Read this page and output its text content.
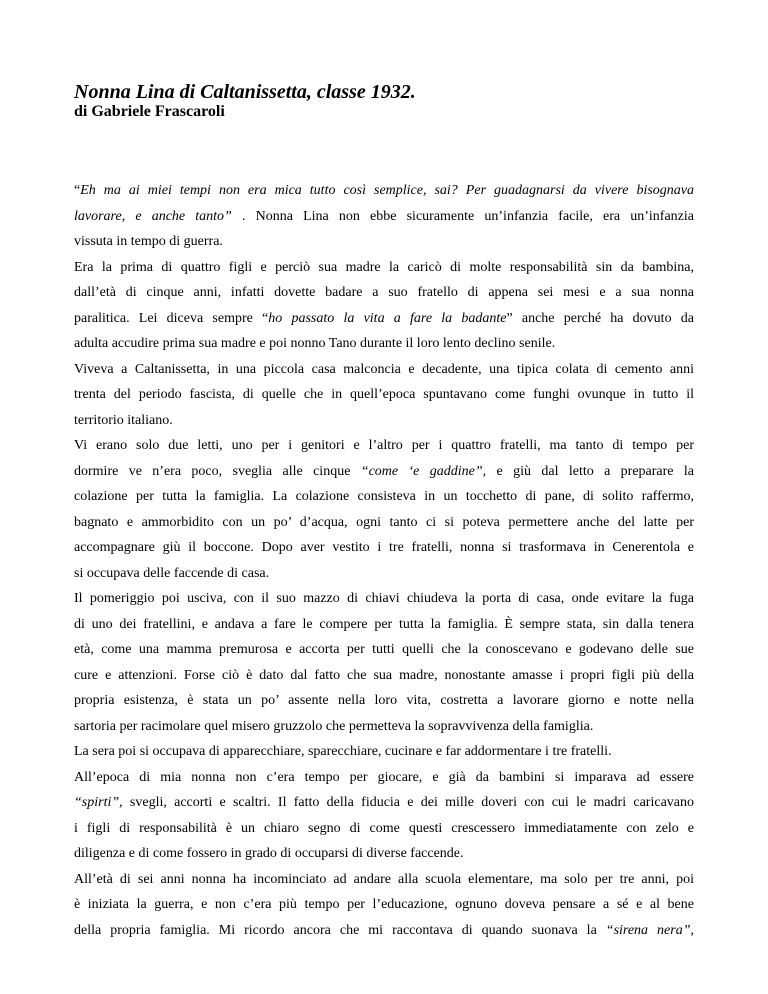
Nonna Lina di Caltanissetta, classe 1932.
di Gabriele Frascaroli
“Eh ma ai miei tempi non era mica tutto così semplice, sai? Per guadagnarsi da vivere bisognava
lavorare, e anche tanto” . Nonna Lina non ebbe sicuramente un’infanzia facile, era un’infanzia
vissuta in tempo di guerra.
Era la prima di quattro figli e perciò sua madre la caricò di molte responsabilità sin da bambina,
dall’età di cinque anni, infatti dovette badare a suo fratello di appena sei mesi e a sua nonna
paralitica. Lei diceva sempre “ho passato la vita a fare la badante” anche perché ha dovuto da
adulta accudire prima sua madre e poi nonno Tano durante il loro lento declino senile.
Viveva a Caltanissetta, in una piccola casa malconcia e decadente, una tipica colata di cemento anni
trenta del periodo fascista, di quelle che in quell’epoca spuntavano come funghi ovunque in tutto il
territorio italiano.
Vi erano solo due letti, uno per i genitori e l’altro per i quattro fratelli, ma tanto di tempo per
dormire ve n’era poco, sveglia alle cinque “come ‘e gaddine”, e giù dal letto a preparare la
colazione per tutta la famiglia. La colazione consisteva in un tocchetto di pane, di solito raffermo,
bagnato e ammorbidito con un po’ d’acqua, ogni tanto ci si poteva permettere anche del latte per
accompagnare giù il boccone. Dopo aver vestito i tre fratelli, nonna si trasformava in Cenerentola e
si occupava delle faccende di casa.
Il pomeriggio poi usciva, con il suo mazzo di chiavi chiudeva la porta di casa, onde evitare la fuga
di uno dei fratellini, e andava a fare le compere per tutta la famiglia. È sempre stata, sin dalla tenera
età, come una mamma premurosa e accorta per tutti quelli che la conoscevano e godevano delle sue
cure e attenzioni. Forse ciò è dato dal fatto che sua madre, nonostante amasse i propri figli più della
propria esistenza, è stata un po’ assente nella loro vita, costretta a lavorare giorno e notte nella
sartoria per racimolare quel misero gruzzolo che permetteva la sopravvivenza della famiglia.
La sera poi si occupava di apparecchiare, sparecchiare, cucinare e far addormentare i tre fratelli.
All’epoca di mia nonna non c’era tempo per giocare, e già da bambini si imparava ad essere
“spirti”, svegli, accorti e scaltri. Il fatto della fiducia e dei mille doveri con cui le madri caricavano
i figli di responsabilità è un chiaro segno di come questi crescessero immediatamente con zelo e
diligenza e di come fossero in grado di occuparsi di diverse faccende.
All’età di sei anni nonna ha incominciato ad andare alla scuola elementare, ma solo per tre anni, poi
è iniziata la guerra, e non c’era più tempo per l’educazione, ognuno doveva pensare a sé e al bene
della propria famiglia. Mi ricordo ancora che mi raccontava di quando suonava la “sirena nera”,
